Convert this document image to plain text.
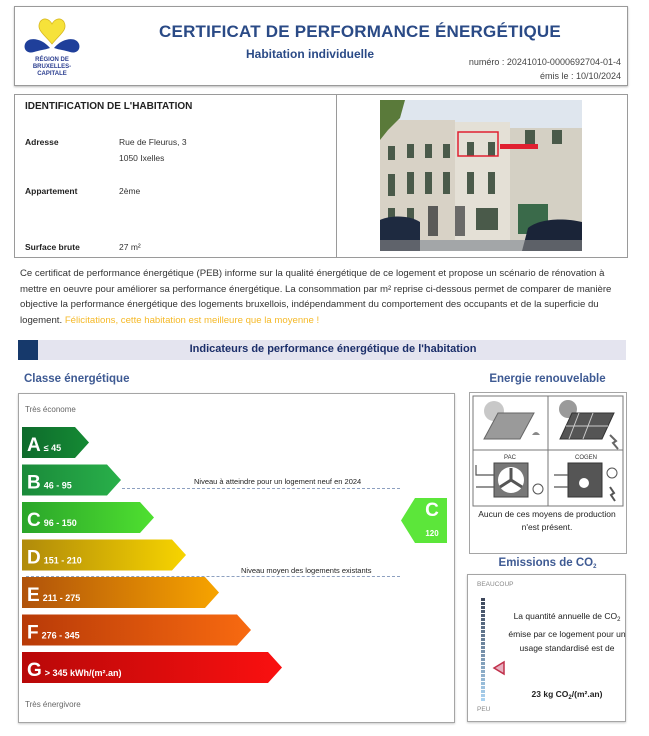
RÉGION DE
BRUXELLES-
CAPITALE
CERTIFICAT DE PERFORMANCE ÉNERGÉTIQUE
Habitation individuelle
numéro : 20241010-0000692704-01-4
émis le : 10/10/2024
IDENTIFICATION DE L'HABITATION
Adresse	Rue de Fleurus, 3
1050 Ixelles
Appartement	2ème
Surface brute	27 m²
Ce certificat de performance énergétique (PEB) informe sur la qualité énergétique de ce logement et propose un scénario de rénovation à mettre en oeuvre pour améliorer sa performance énergétique. La consommation par m² reprise ci-dessous permet de comparer de manière objective la performance énergétique des logements bruxellois, indépendamment du comportement des occupants et de la superficie du logement. Félicitations, cette habitation est meilleure que la moyenne !
Indicateurs de performance énergétique de l'habitation
Classe énergétique
Très économe
Très énergivore
A ≤ 45
B 46 - 95
C 96 - 150
D 151 - 210
E 211 - 275
F 276 - 345
G > 345 kWh/(m².an)
Niveau à atteindre pour un logement neuf en 2024
Niveau moyen des logements existants
C
120
Energie renouvelable
PAC	COGEN
Aucun de ces moyens de production n'est présent.
Emissions de $CO_2$
BEAUCOUP
PEU
La quantité annuelle de $CO_2$ émise par ce logement pour un usage standardisé est de
23 kg $CO_2/(m^2.an)$
